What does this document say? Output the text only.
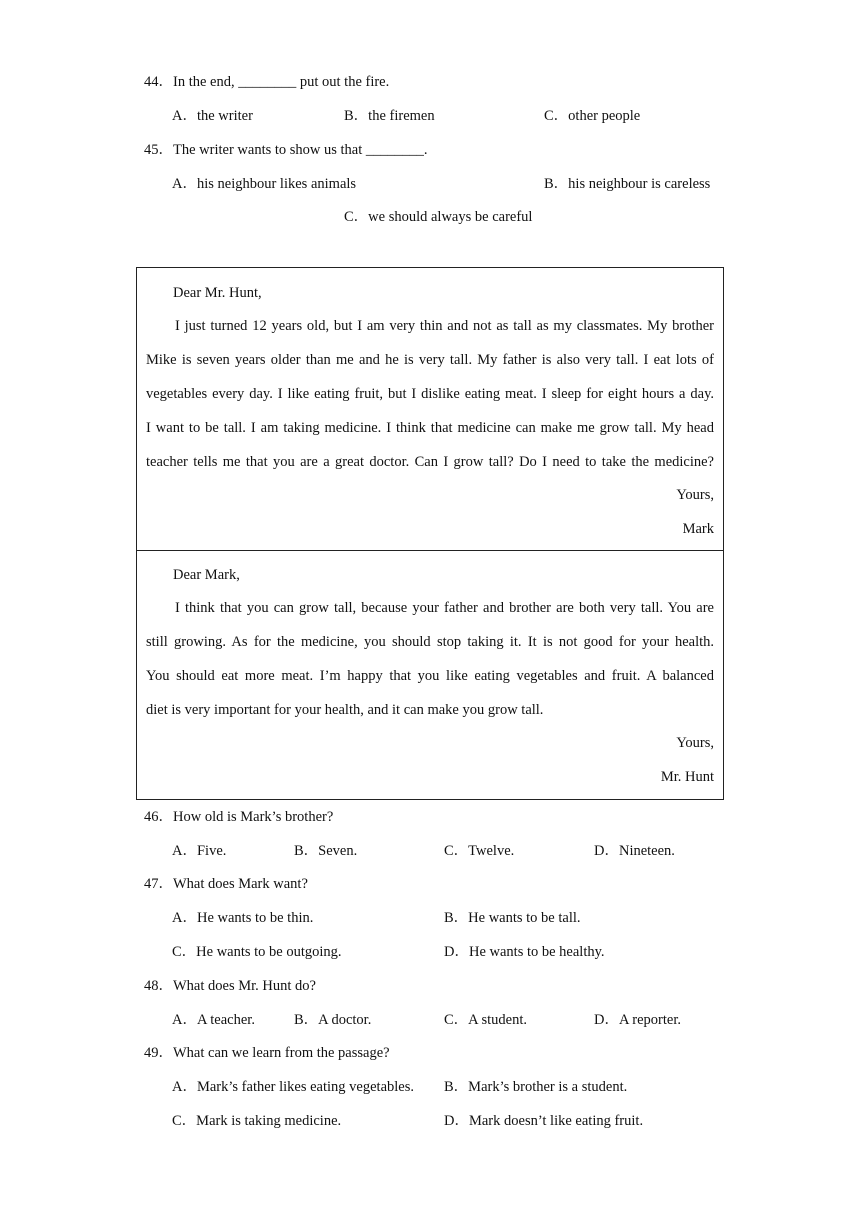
44．In the end, ________ put out the fire.
A．the writer	B．the firemen	C．other people
45．The writer wants to show us that ________.
A．his neighbour likes animals	B．his neighbour is careless
C．we should always be careful
Dear Mr. Hunt,
I just turned 12 years old, but I am very thin and not as tall as my classmates. My brother
Mike is seven years older than me and he is very tall. My father is also very tall. I eat lots of
vegetables every day. I like eating fruit, but I dislike eating meat. I sleep for eight hours a day.
I want to be tall. I am taking medicine. I think that medicine can make me grow tall. My head
teacher tells me that you are a great doctor. Can I grow tall? Do I need to take the medicine?
Yours,
Mark
Dear Mark,
I think that you can grow tall, because your father and brother are both very tall. You are
still growing. As for the medicine, you should stop taking it. It is not good for your health.
You should eat more meat. I’m happy that you like eating vegetables and fruit. A balanced
diet is very important for your health, and it can make you grow tall.
Yours,
Mr. Hunt
46．How old is Mark’s brother?
A．Five.	B．Seven.	C．Twelve.	D．Nineteen.
47．What does Mark want?
A．He wants to be thin.	B．He wants to be tall.
C．He wants to be outgoing.	D．He wants to be healthy.
48．What does Mr. Hunt do?
A．A teacher.	B．A doctor.	C．A student.	D．A reporter.
49．What can we learn from the passage?
A．Mark’s father likes eating vegetables. B．Mark’s brother is a student.
C．Mark is taking medicine.	D．Mark doesn’t like eating fruit.
